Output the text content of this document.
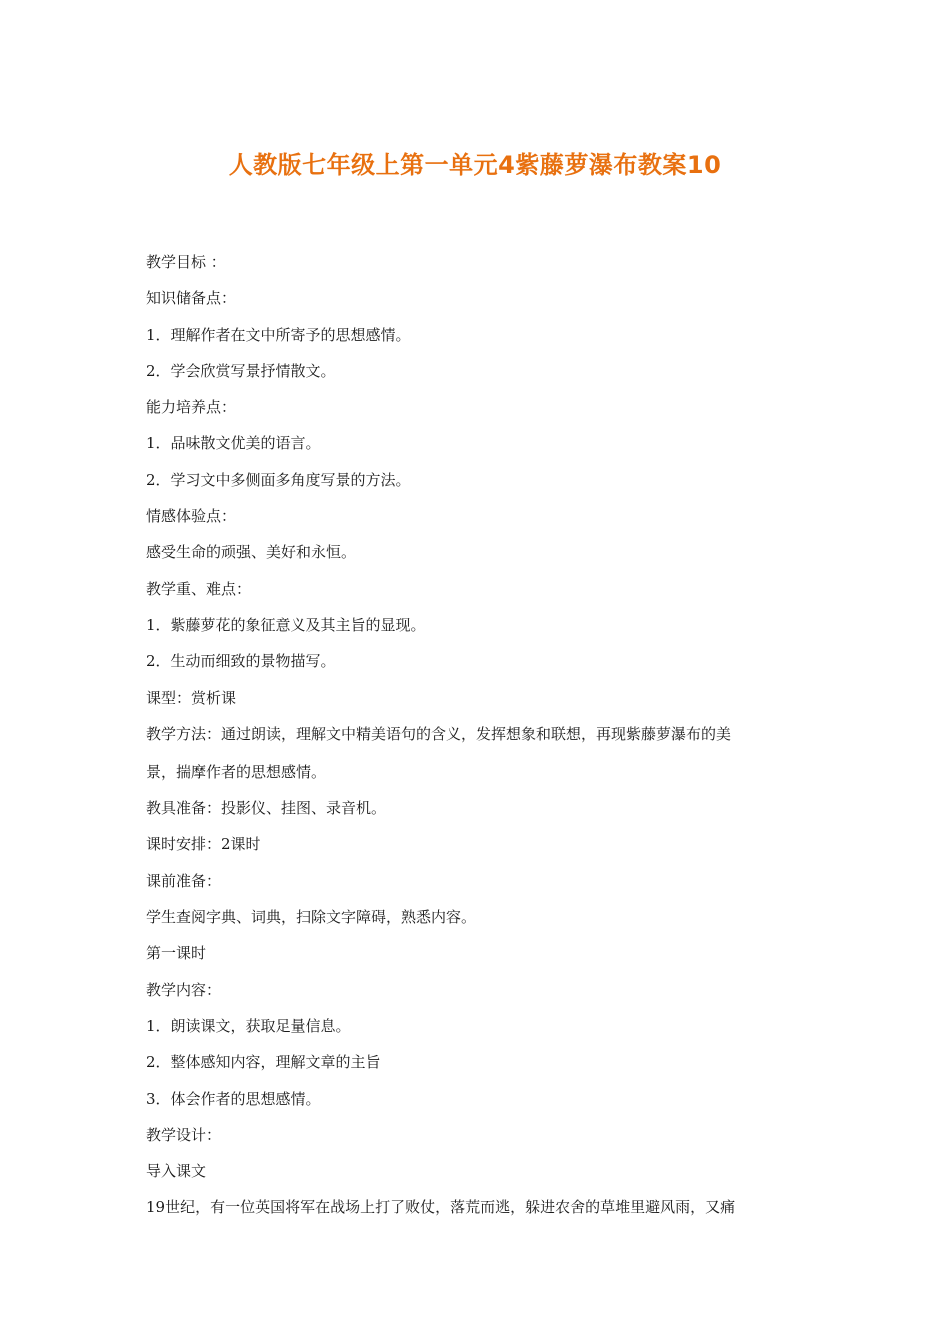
人教版七年级上第一单元4紫藤萝瀑布教案10
教学目标 ：
知识储备点：
1．理解作者在文中所寄予的思想感情。
2．学会欣赏写景抒情散文。
能力培养点：
1．品味散文优美的语言。
2．学习文中多侧面多角度写景的方法。
情感体验点：
感受生命的顽强、美好和永恒。
教学重、难点：
1．紫藤萝花的象征意义及其主旨的显现。
2．生动而细致的景物描写。
课型：赏析课
教学方法：通过朗读，理解文中精美语句的含义，发挥想象和联想，再现紫藤萝瀑布的美
景，揣摩作者的思想感情。
教具准备：投影仪、挂图、录音机。
课时安排：2课时
课前准备：
学生查阅字典、词典，扫除文字障碍，熟悉内容。
第一课时
教学内容：
1．朗读课文，获取足量信息。
2．整体感知内容，理解文章的主旨
3．体会作者的思想感情。
教学设计：
导入课文
19世纪，有一位英国将军在战场上打了败仗，落荒而逃，躲进农舍的草堆里避风雨，又痛
